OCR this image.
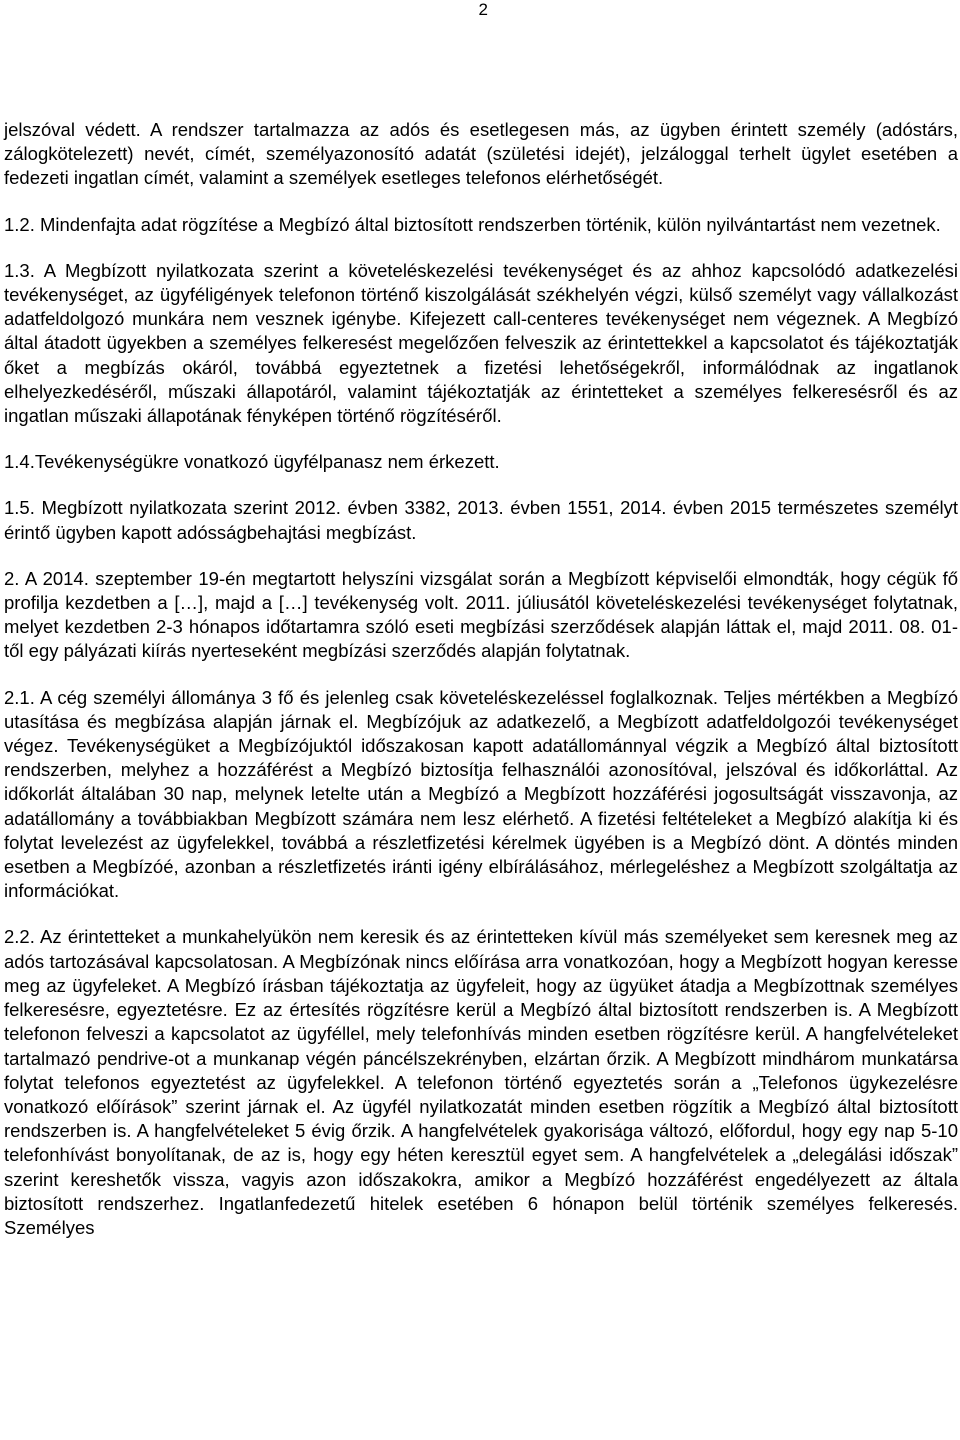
2

jelszóval védett. A rendszer tartalmazza az adós és esetlegesen más, az ügyben érintett személy (adóstárs, zálogkötelezett) nevét, címét, személyazonosító adatát (születési idejét), jelzáloggal terhelt ügylet esetében a fedezeti ingatlan címét, valamint a személyek esetleges telefonos elérhetőségét.

1.2. Mindenfajta adat rögzítése a Megbízó által biztosított rendszerben történik, külön nyilvántartást nem vezetnek.

1.3. A Megbízott nyilatkozata szerint a követeléskezelési tevékenységet és az ahhoz kapcsolódó adatkezelési tevékenységet, az ügyféligények telefonon történő kiszolgálását székhelyén végzi, külső személyt vagy vállalkozást adatfeldolgozó munkára nem vesznek igénybe. Kifejezett call-centeres tevékenységet nem végeznek. A Megbízó által átadott ügyekben a személyes felkeresést megelőzően felveszik az érintettekkel a kapcsolatot és tájékoztatják őket a megbízás okáról, továbbá egyeztetnek a fizetési lehetőségekről, informálódnak az ingatlanok elhelyezkedéséről, műszaki állapotáról, valamint tájékoztatják az érintetteket a személyes felkeresésről és az ingatlan műszaki állapotának fényképen történő rögzítéséről.

1.4.Tevékenységükre vonatkozó ügyfélpanasz nem érkezett.

1.5. Megbízott nyilatkozata szerint 2012. évben 3382, 2013. évben 1551, 2014. évben 2015 természetes személyt érintő ügyben kapott adósságbehajtási megbízást.

2. A 2014. szeptember 19-én megtartott helyszíni vizsgálat során a Megbízott képviselői elmondták, hogy cégük fő profilja kezdetben a […], majd a […] tevékenység volt. 2011. júliusától követeléskezelési tevékenységet folytatnak, melyet kezdetben 2-3 hónapos időtartamra szóló eseti megbízási szerződések alapján láttak el, majd 2011. 08. 01-től egy pályázati kiírás nyerteseként megbízási szerződés alapján folytatnak.

2.1. A cég személyi állománya 3 fő és jelenleg csak követeléskezeléssel foglalkoznak. Teljes mértékben a Megbízó utasítása és megbízása alapján járnak el. Megbízójuk az adatkezelő, a Megbízott adatfeldolgozói tevékenységet végez. Tevékenységüket a Megbízójuktól időszakosan kapott adatállománnyal végzik a Megbízó által biztosított rendszerben, melyhez a hozzáférést a Megbízó biztosítja felhasználói azonosítóval, jelszóval és időkorláttal. Az időkorlát általában 30 nap, melynek letelte után a Megbízó a Megbízott hozzáférési jogosultságát visszavonja, az adatállomány a továbbiakban Megbízott számára nem lesz elérhető. A fizetési feltételeket a Megbízó alakítja ki és folytat levelezést az ügyfelekkel, továbbá a részletfizetési kérelmek ügyében is a Megbízó dönt. A döntés minden esetben a Megbízóé, azonban a részletfizetés iránti igény elbírálásához, mérlegeléshez a Megbízott szolgáltatja az információkat.

2.2. Az érintetteket a munkahelyükön nem keresik és az érintetteken kívül más személyeket sem keresnek meg az adós tartozásával kapcsolatosan. A Megbízónak nincs előírása arra vonatkozóan, hogy a Megbízott hogyan keresse meg az ügyfeleket. A Megbízó írásban tájékoztatja az ügyfeleit, hogy az ügyüket átadja a Megbízottnak személyes felkeresésre, egyeztetésre. Ez az értesítés rögzítésre kerül a Megbízó által biztosított rendszerben is. A Megbízott telefonon felveszi a kapcsolatot az ügyféllel, mely telefonhívás minden esetben rögzítésre kerül. A hangfelvételeket tartalmazó pendrive-ot a munkanap végén páncélszekrényben, elzártan őrzik. A Megbízott mindhárom munkatársa folytat telefonos egyeztetést az ügyfelekkel. A telefonon történő egyeztetés során a „Telefonos ügykezelésre vonatkozó előírások” szerint járnak el. Az ügyfél nyilatkozatát minden esetben rögzítik a Megbízó által biztosított rendszerben is. A hangfelvételeket 5 évig őrzik. A hangfelvételek gyakorisága változó, előfordul, hogy egy nap 5-10 telefonhívást bonyolítanak, de az is, hogy egy héten keresztül egyet sem. A hangfelvételek a „delegálási időszak” szerint kereshetők vissza, vagyis azon időszakokra, amikor a Megbízó hozzáférést engedélyezett az általa biztosított rendszerhez. Ingatlanfedezetű hitelek esetében 6 hónapon belül történik személyes felkeresés. Személyes
